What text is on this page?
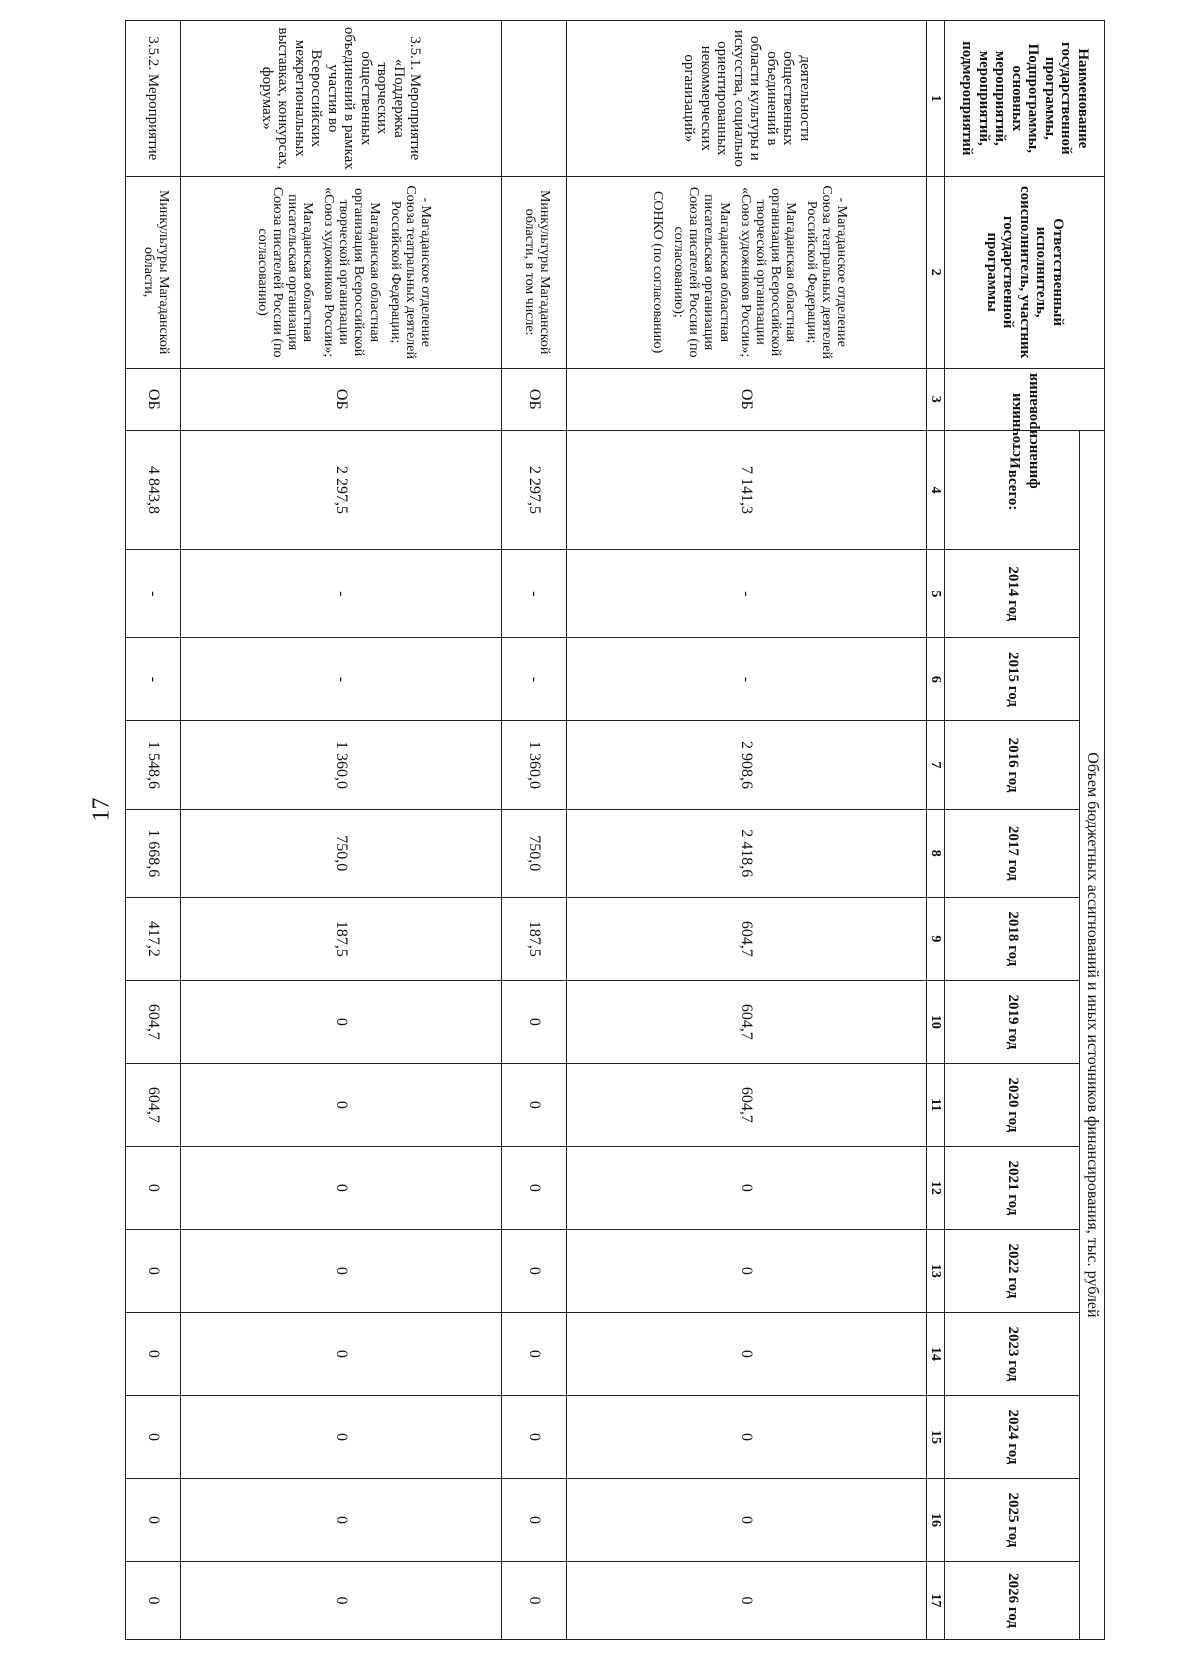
17
Наименование государственной программы, Подпрограммы, основных мероприятий, мероприятий, подмероприятий	Ответственный исполнитель, соисполнитель, участник государственной программы	Источники финансирования	Объем бюджетных ассигнований и иных источников финансирования, тыс. рублей													
			всего:	2014 год	2015 год	2016 год	2017 год	2018 год	2019 год	2020 год	2021 год	2022 год	2023 год	2024 год	2025 год	2026 год
1	2	3	4	5	6	7	8	9	10	11	12	13	14	15	16	17
деятельности общественных объединений в области культуры и искусства, социально ориентированных некоммерческих организаций»	- Магаданское отделение Союза театральных деятелей Российской Федерации;
Магаданская областная организация Всероссийской творческой организации «Союз художников России»;
Магаданская областная писательская организация Союза писателей России (по согласованию);
СОНКО (по согласованию)	ОБ	7 141,3	-	-	2 908,6	2 418,6	604,7	604,7	604,7	0	0	0	0	0	0

	Минкультуры Магаданской области, в том числе:	ОБ	2 297,5	-	-	1 360,0	750,0	187,5	0	0	0	0	0	0	0	0
3.5.1. Мероприятие «Поддержка творческих общественных объединений в рамках участия во Всероссийских межрегиональных выставках, конкурсах, форумах»	- Магаданское отделение Союза театральных деятелей Российской Федерации;
Магаданская областная организация Всероссийской творческой организации «Союз художников России»;
Магаданская областная писательская организация Союза писателей России (по согласованию)	ОБ	2 297,5	-	-	1 360,0	750,0	187,5	0	0	0	0	0	0	0	0
3.5.2. Мероприятие	Минкультуры Магаданской области,	ОБ	4 843,8	-	-	1 548,6	1 668,6	417,2	604,7	604,7	0	0	0	0	0	0
